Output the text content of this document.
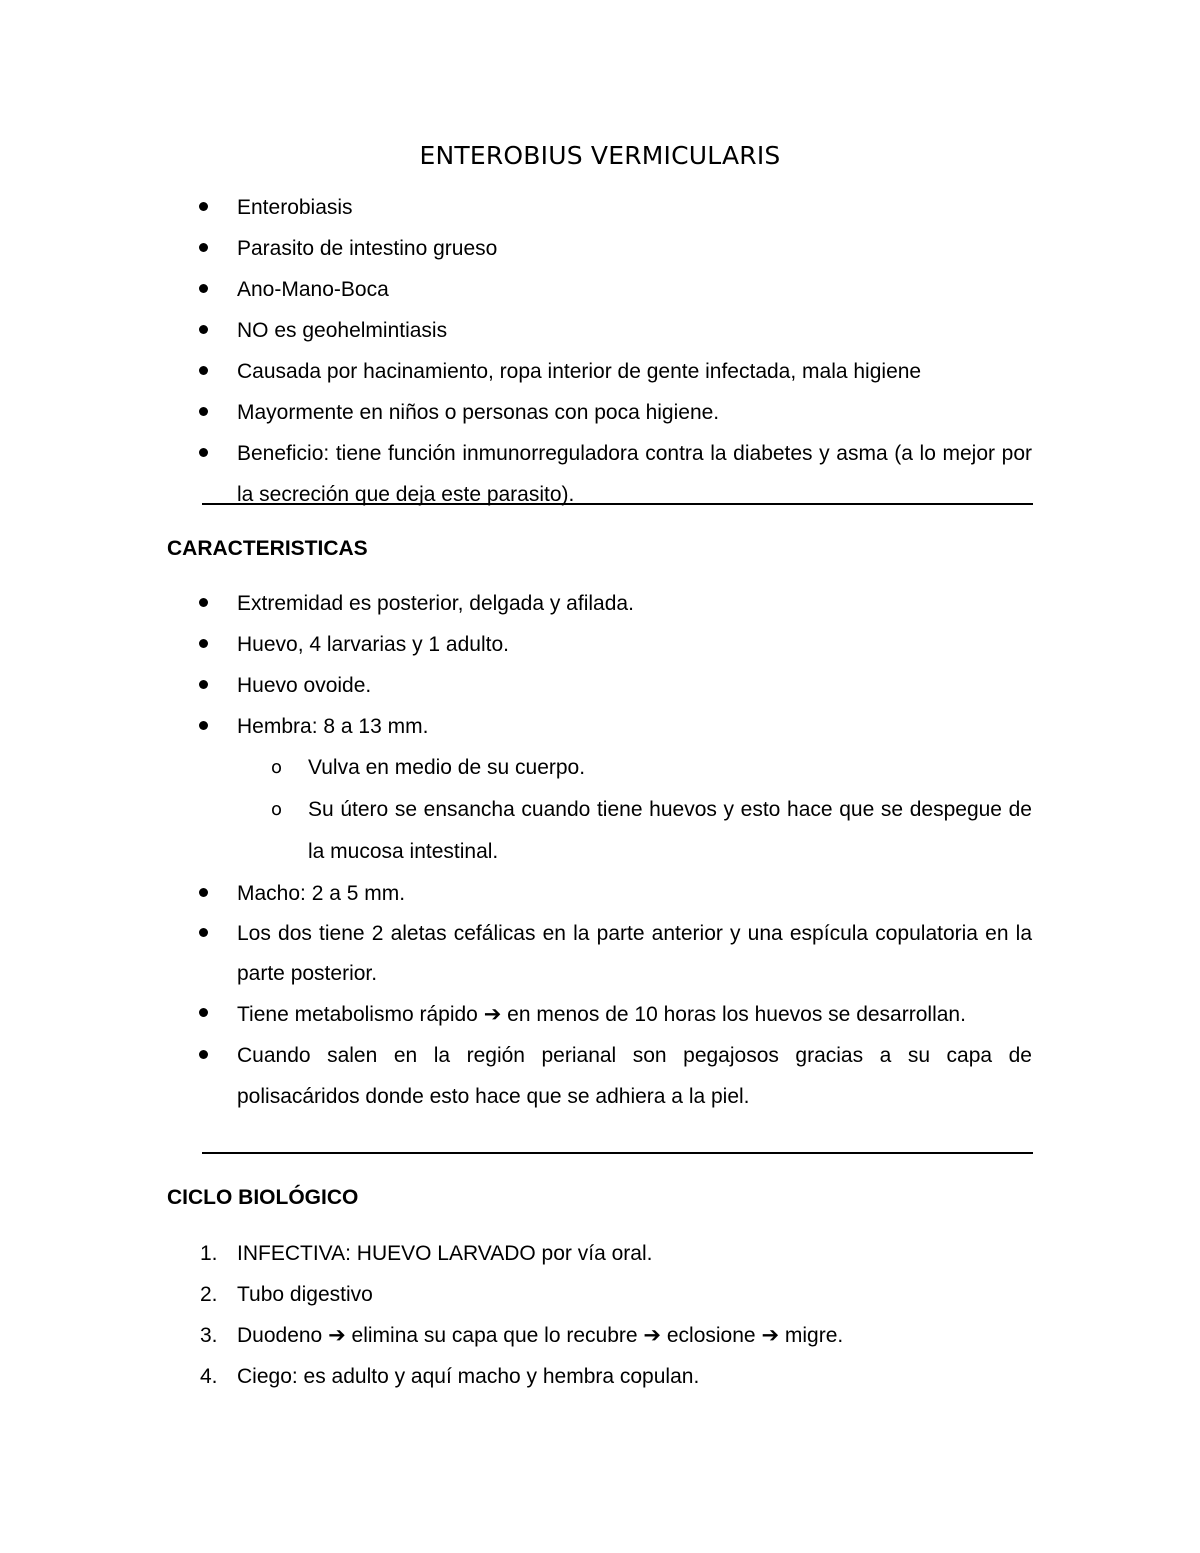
ENTEROBIUS VERMICULARIS
Enterobiasis
Parasito de intestino grueso
Ano-Mano-Boca
NO es geohelmintiasis
Causada por hacinamiento, ropa interior de gente infectada, mala higiene
Mayormente en niños o personas con poca higiene.
Beneficio: tiene función inmunorreguladora contra la diabetes y asma (a lo mejor por la secreción que deja este parasito).
CARACTERISTICAS
Extremidad es posterior, delgada y afilada.
Huevo, 4 larvarias y 1 adulto.
Huevo ovoide.
Hembra: 8 a 13 mm.
o Vulva en medio de su cuerpo.
o Su útero se ensancha cuando tiene huevos y esto hace que se despegue de la mucosa intestinal.
Macho: 2 a 5 mm.
Los dos tiene 2 aletas cefálicas en la parte anterior y una espícula copulatoria en la parte posterior.
Tiene metabolismo rápido ➔ en menos de 10 horas los huevos se desarrollan.
Cuando salen en la región perianal son pegajosos gracias a su capa de polisacáridos donde esto hace que se adhiera a la piel.
CICLO BIOLÓGICO
1. INFECTIVA: HUEVO LARVADO por vía oral.
2. Tubo digestivo
3. Duodeno ➔ elimina su capa que lo recubre ➔ eclosione ➔ migre.
4. Ciego: es adulto y aquí macho y hembra copulan.
